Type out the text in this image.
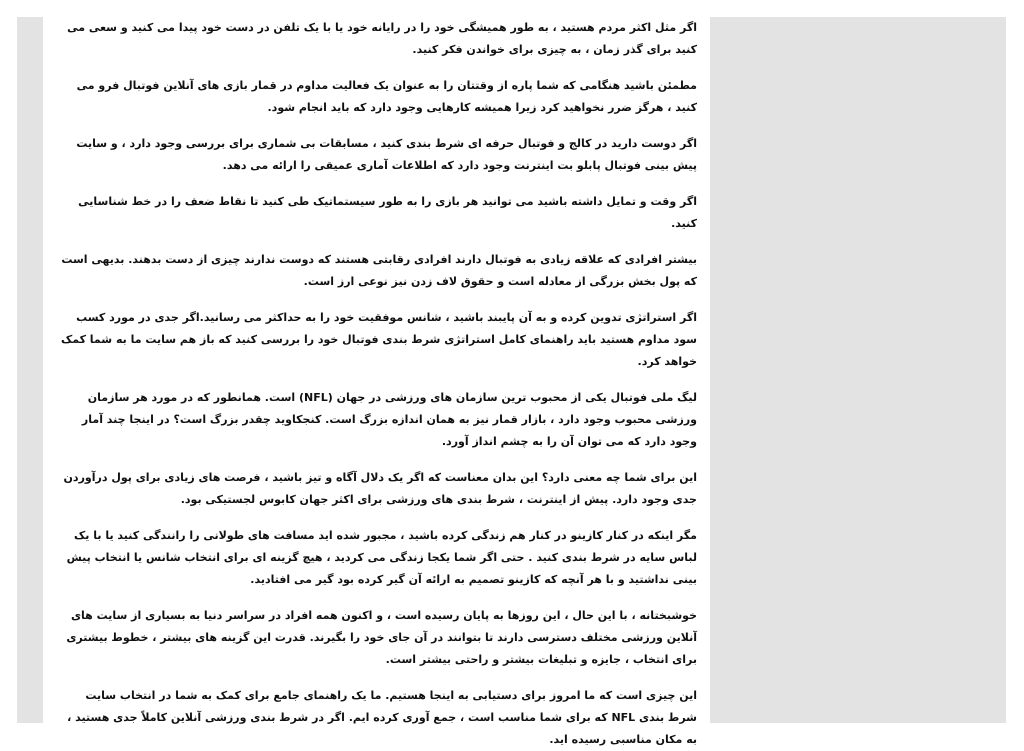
اگر مثل اکثر مردم هستید ، به طور همیشگی خود را در رایانه خود یا با یک تلفن در دست خود پیدا می کنید و سعی می کنید برای گذر زمان ، به چیزی برای خواندن فکر کنید.

مطمئن باشید هنگامی که شما پاره از وقتتان را به عنوان یک فعالیت مداوم در قمار بازی های آنلاین فوتبال فرو می کنید ، هرگز ضرر نخواهید کرد زیرا همیشه کارهایی وجود دارد که باید انجام شود.

اگر دوست دارید در کالج و فوتبال حرفه ای شرط بندی کنید ، مسابقات بی شماری برای بررسی وجود دارد ، و سایت پیش بینی فوتبال پابلو بت اینترنت وجود دارد که اطلاعات آماری عمیقی را ارائه می دهد.

اگر وقت و تمایل داشته باشید می توانید هر بازی را به طور سیستماتیک طی کنید تا نقاط ضعف را در خط شناسایی کنید.

بیشتر افرادی که علاقه زیادی به فوتبال دارند افرادی رقابتی هستند که دوست ندارند چیزی از دست بدهند. بدیهی است که پول بخش بزرگی از معادله است و حقوق لاف زدن نیز نوعی ارز است.

اگر استراتژی تدوین کرده و به آن پایبند باشید ، شانس موفقیت خود را به حداکثر می رسانید.اگر جدی در مورد کسب سود مداوم هستید باید راهنمای کامل استراتژی شرط بندی فوتبال خود را بررسی کنید که باز هم سایت ما به شما کمک خواهد کرد.

لیگ ملی فوتبال یکی از محبوب ترین سازمان های ورزشی در جهان (NFL) است. همانطور که در مورد هر سازمان ورزشی محبوب وجود دارد ، بازار قمار نیز به همان اندازه بزرگ است. کنجکاوید چقدر بزرگ است؟ در اینجا چند آمار وجود دارد که می توان آن را به چشم انداز آورد.

این برای شما چه معنی دارد؟ این بدان معناست که اگر یک دلال آگاه و تیز باشید ، فرصت های زیادی برای پول درآوردن جدی وجود دارد. پیش از اینترنت ، شرط بندی های ورزشی برای اکثر جهان کابوس لجستیکی بود.

مگر اینکه در کنار کازینو در کنار هم زندگی کرده باشید ، مجبور شده اید مسافت های طولانی را رانندگی کنید یا با یک لباس سایه در شرط بندی کنید . حتی اگر شما یکجا زندگی می کردید ، هیچ گزینه ای برای انتخاب شانس یا انتخاب پیش بینی نداشتید و با هر آنچه که کازینو تصمیم به ارائه آن گیر کرده بود گیر می افتادید.

خوشبختانه ، با این حال ، این روزها به پایان رسیده است ، و اکنون همه افراد در سراسر دنیا به بسیاری از سایت های آنلاین ورزشی مختلف دسترسی دارند تا بتوانند در آن جای خود را بگیرند. قدرت این گزینه های بیشتر ، خطوط بیشتری برای انتخاب ، جایزه و تبلیغات بیشتر و راحتی بیشتر است.

این چیزی است که ما امروز برای دستیابی به اینجا هستیم. ما یک راهنمای جامع برای کمک به شما در انتخاب سایت شرط بندی NFL که برای شما مناسب است ، جمع آوری کرده ایم. اگر در شرط بندی ورزشی آنلاین کاملاً جدی هستید ، به مکان مناسبی رسیده اید.
